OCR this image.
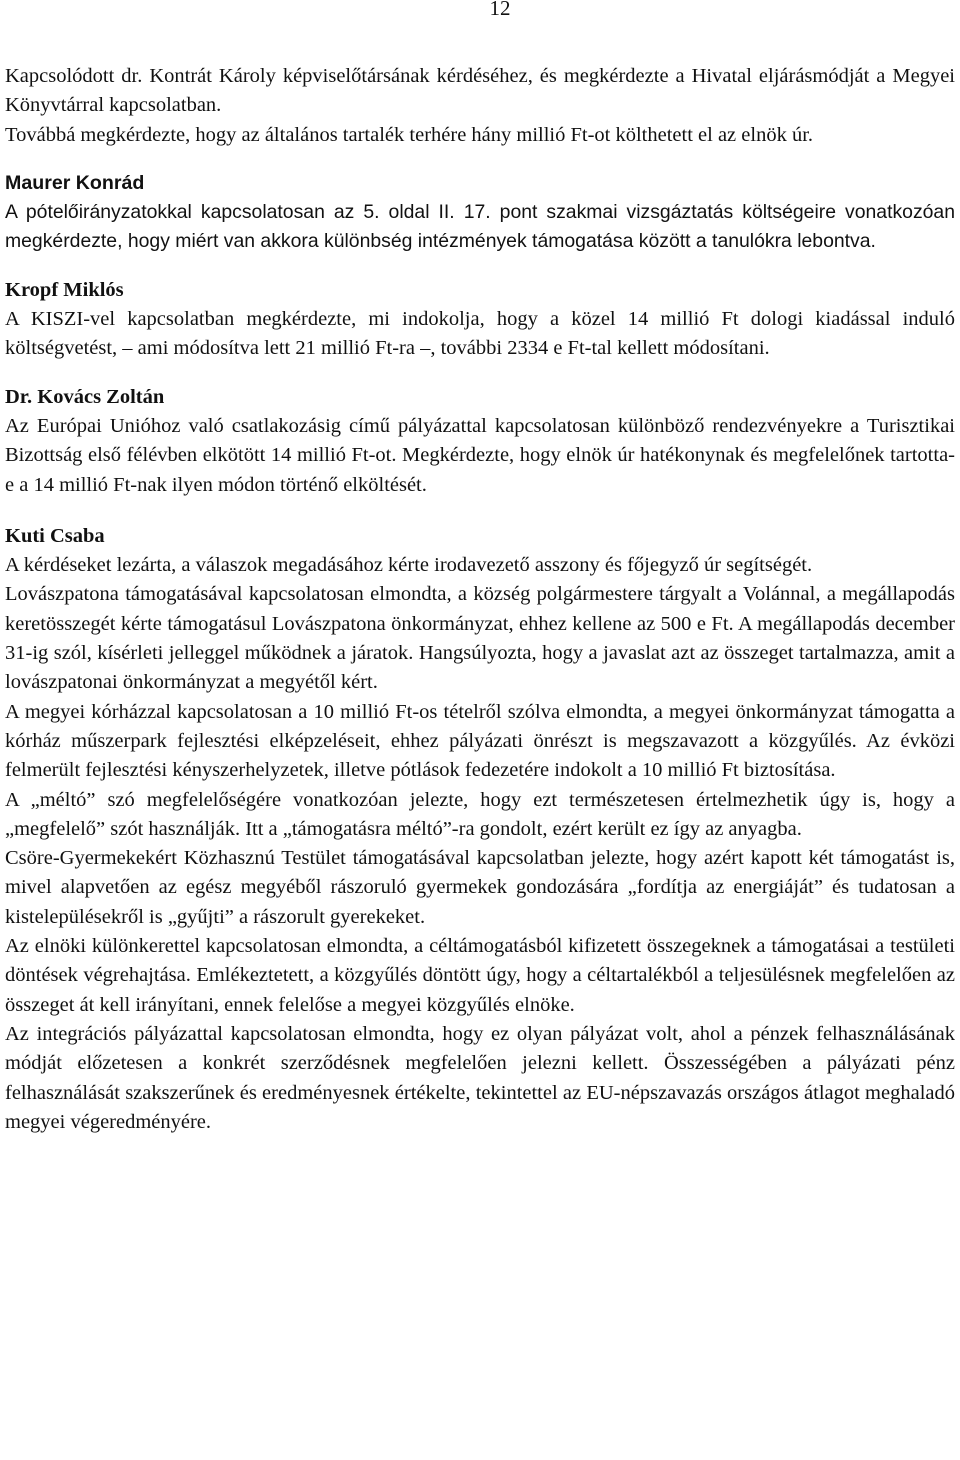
12

Kapcsolódott dr. Kontrát Károly képviselőtársának kérdéséhez, és megkérdezte a Hivatal eljárásmódját a Megyei Könyvtárral kapcsolatban.

Továbbá megkérdezte, hogy az általános tartalék terhére hány millió Ft-ot költhetett el az elnök úr.

Maurer Konrád

A pótelőirányzatokkal kapcsolatosan az 5. oldal II. 17. pont szakmai vizsgáztatás költségeire vonatkozóan megkérdezte, hogy miért van akkora különbség intézmények támogatása között a tanulókra lebontva.

Kropf Miklós

A KISZI-vel kapcsolatban megkérdezte, mi indokolja, hogy a közel 14 millió Ft dologi kiadással induló költségvetést, – ami módosítva lett 21 millió Ft-ra –, további 2334 e Ft-tal kellett módosítani.

Dr. Kovács Zoltán

Az Európai Unióhoz való csatlakozásig című pályázattal kapcsolatosan különböző rendezvényekre a Turisztikai Bizottság első félévben elkötött 14 millió Ft-ot. Megkérdezte, hogy elnök úr hatékonynak és megfelelőnek tartotta-e a 14 millió Ft-nak ilyen módon történő elköltését.

Kuti Csaba

A kérdéseket lezárta, a válaszok megadásához kérte irodavezető asszony és főjegyző úr segítségét.

Lovászpatona támogatásával kapcsolatosan elmondta, a község polgármestere tárgyalt a Volánnal, a megállapodás keretösszegét kérte támogatásul Lovászpatona önkormányzat, ehhez kellene az 500 e Ft. A megállapodás december 31-ig szól, kísérleti jelleggel működnek a járatok. Hangsúlyozta, hogy a javaslat azt az összeget tartalmazza, amit a lovászpatonai önkormányzat a megyétől kért.

A megyei kórházzal kapcsolatosan a 10 millió Ft-os tételről szólva elmondta, a megyei önkormányzat támogatta a kórház műszerpark fejlesztési elképzeléseit, ehhez pályázati önrészt is megszavazott a közgyűlés. Az évközi felmerült fejlesztési kényszerhelyzetek, illetve pótlások fedezetére indokolt a 10 millió Ft biztosítása.

A „méltó” szó megfelelőségére vonatkozóan jelezte, hogy ezt természetesen értelmezhetik úgy is, hogy a „megfelelő” szót használják. Itt a „támogatásra méltó”-ra gondolt, ezért került ez így az anyagba.

Csöre-Gyermekekért Közhasznú Testület támogatásával kapcsolatban jelezte, hogy azért kapott két támogatást is, mivel alapvetően az egész megyéből rászoruló gyermekek gondozására „fordítja az energiáját” és tudatosan a kistelepülésekről is „gyűjti” a rászorult gyerekeket.

Az elnöki különkerettel kapcsolatosan elmondta, a céltámogatásból kifizetett összegeknek a támogatásai a testületi döntések végrehajtása. Emlékeztetett, a közgyűlés döntött úgy, hogy a céltartalékból a teljesülésnek megfelelően az összeget át kell irányítani, ennek felelőse a megyei közgyűlés elnöke.

Az integrációs pályázattal kapcsolatosan elmondta, hogy ez olyan pályázat volt, ahol a pénzek felhasználásának módját előzetesen a konkrét szerződésnek megfelelően jelezni kellett. Összességében a pályázati pénz felhasználását szakszerűnek és eredményesnek értékelte, tekintettel az EU-népszavazás országos átlagot meghaladó megyei végeredményére.
